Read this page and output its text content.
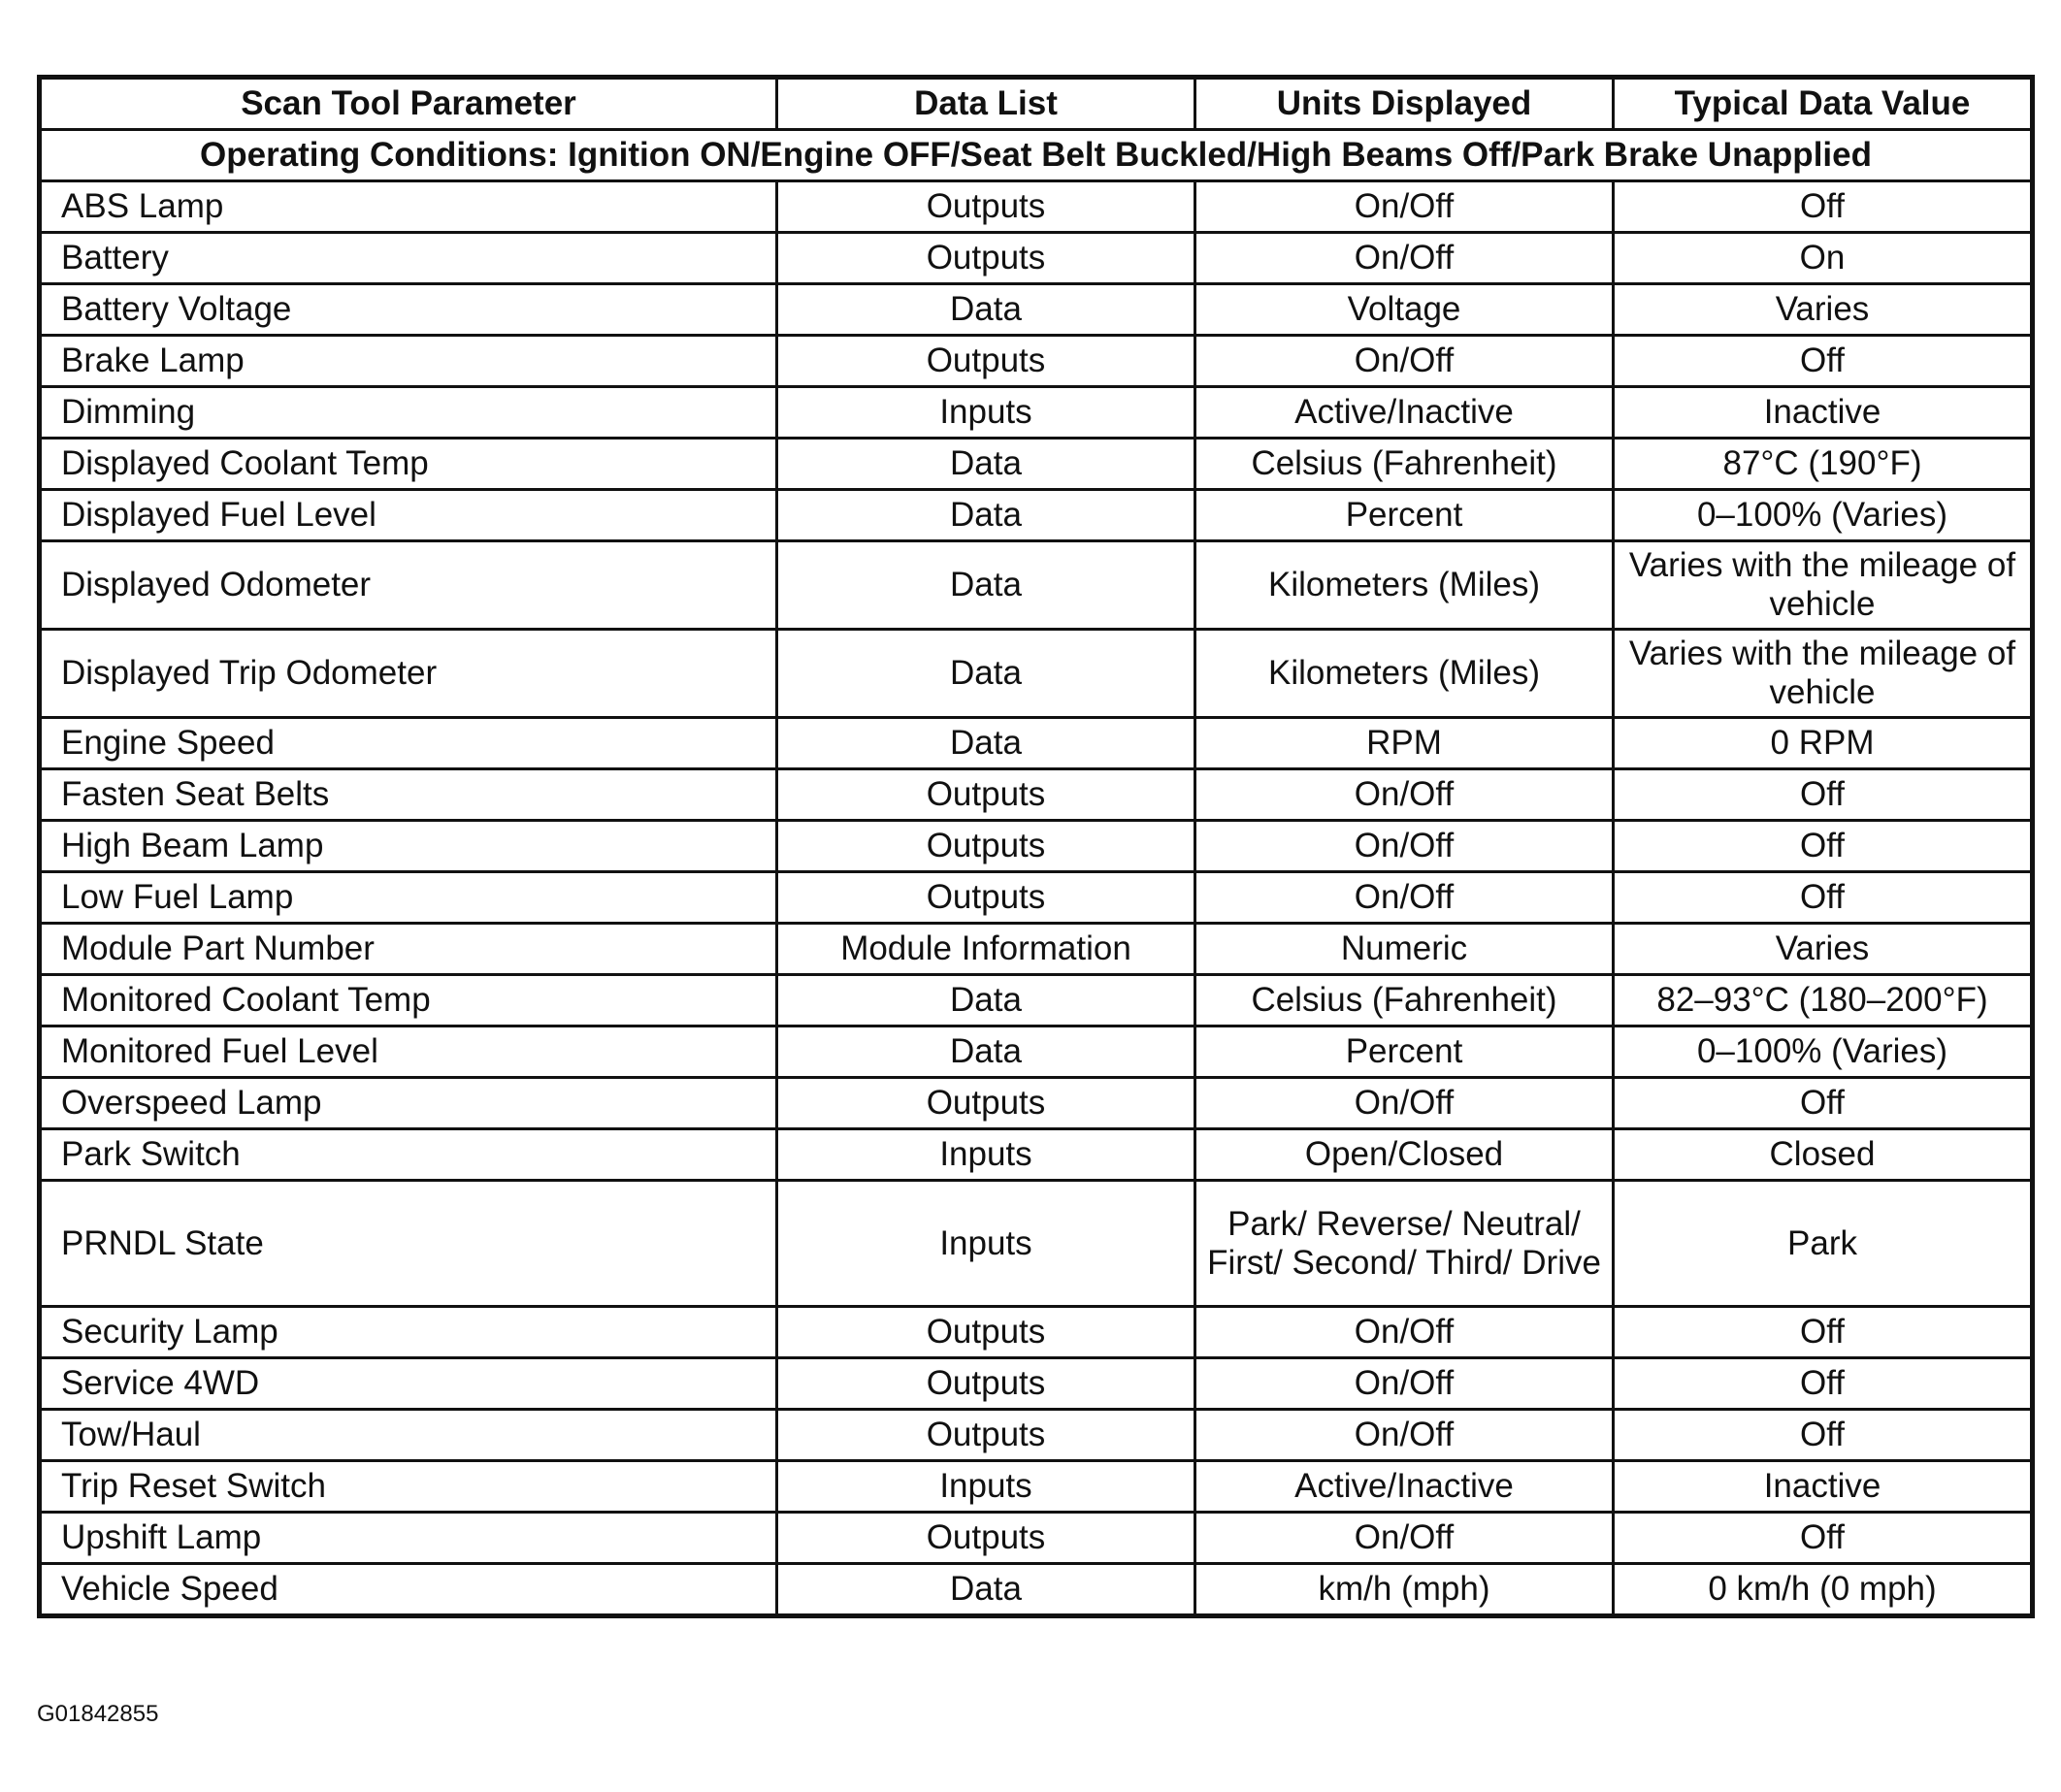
Scan Tool Parameter	Data List	Units Displayed	Typical Data Value
Operating Conditions: Ignition ON/Engine OFF/Seat Belt Buckled/High Beams Off/Park Brake Unapplied			
ABS Lamp	Outputs	On/Off	Off
Battery	Outputs	On/Off	On
Battery Voltage	Data	Voltage	Varies
Brake Lamp	Outputs	On/Off	Off
Dimming	Inputs	Active/Inactive	Inactive
Displayed Coolant Temp	Data	Celsius (Fahrenheit)	87°C (190°F)
Displayed Fuel Level	Data	Percent	0–100% (Varies)
Displayed Odometer	Data	Kilometers (Miles)	Varies with the mileage of vehicle
Displayed Trip Odometer	Data	Kilometers (Miles)	Varies with the mileage of vehicle
Engine Speed	Data	RPM	0 RPM
Fasten Seat Belts	Outputs	On/Off	Off
High Beam Lamp	Outputs	On/Off	Off
Low Fuel Lamp	Outputs	On/Off	Off
Module Part Number	Module Information	Numeric	Varies
Monitored Coolant Temp	Data	Celsius (Fahrenheit)	82–93°C (180–200°F)
Monitored Fuel Level	Data	Percent	0–100% (Varies)
Overspeed Lamp	Outputs	On/Off	Off
Park Switch	Inputs	Open/Closed	Closed
PRNDL State	Inputs	Park/ Reverse/ Neutral/ First/ Second/ Third/ Drive	Park
Security Lamp	Outputs	On/Off	Off
Service 4WD	Outputs	On/Off	Off
Tow/Haul	Outputs	On/Off	Off
Trip Reset Switch	Inputs	Active/Inactive	Inactive
Upshift Lamp	Outputs	On/Off	Off
Vehicle Speed	Data	km/h (mph)	0 km/h (0 mph)
G01842855
